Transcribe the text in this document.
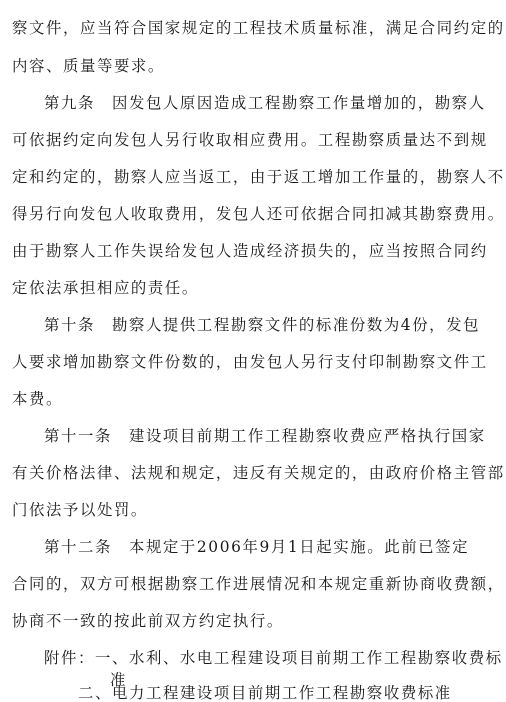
察文件，应当符合国家规定的工程技术质量标准，满足合同约定的
内容、质量等要求。
第九条　因发包人原因造成工程勘察工作量增加的，勘察人
可依据约定向发包人另行收取相应费用。工程勘察质量达不到规
定和约定的，勘察人应当返工，由于返工增加工作量的，勘察人不
得另行向发包人收取费用，发包人还可依据合同扣减其勘察费用。
由于勘察人工作失误给发包人造成经济损失的，应当按照合同约
定依法承担相应的责任。
第十条　勘察人提供工程勘察文件的标准份数为4份，发包
人要求增加勘察文件份数的，由发包人另行支付印制勘察文件工
本费。
第十一条　建设项目前期工作工程勘察收费应严格执行国家
有关价格法律、法规和规定，违反有关规定的，由政府价格主管部
门依法予以处罚。
第十二条　本规定于2006年9月1日起实施。此前已签定
合同的，双方可根据勘察工作进展情况和本规定重新协商收费额，
协商不一致的按此前双方约定执行。
附件：一、水利、水电工程建设项目前期工作工程勘察收费标
准
二、电力工程建设项目前期工作工程勘察收费标准
